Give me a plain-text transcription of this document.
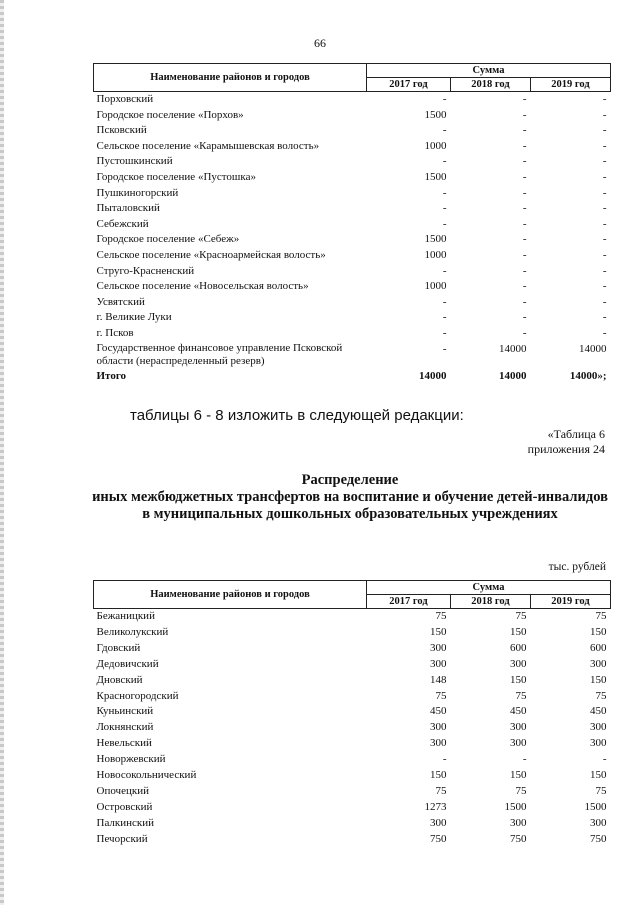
66
Наименование районов и городов	Сумма		
	2017 год	2018 год	2019 год
Порховский	-	-	-
Городское поселение «Порхов»	1500	-	-
Псковский	-	-	-
Сельское поселение «Карамышевская волость»	1000	-	-
Пустошкинский	-	-	-
Городское поселение «Пустошка»	1500	-	-
Пушкиногорский	-	-	-
Пыталовский	-	-	-
Себежский	-	-	-
Городское поселение «Себеж»	1500	-	-
Сельское поселение «Красноармейская волость»	1000	-	-
Струго-Красненский	-	-	-
Сельское поселение «Новосельская волость»	1000	-	-
Усвятский	-	-	-
г. Великие Луки	-	-	-
г. Псков	-	-	-
Государственное финансовое управление Псковской области (нераспределенный резерв)	-	14000	14000
Итого	14000	14000	14000»;
таблицы 6 - 8 изложить в следующей редакции:
«Таблица 6
приложения 24
Распределение
иных межбюджетных трансфертов на воспитание и обучение детей-инвалидов в муниципальных дошкольных образовательных учреждениях
тыс. рублей
Наименование районов и городов	Сумма		
	2017 год	2018 год	2019 год
Бежаницкий	75	75	75
Великолукский	150	150	150
Гдовский	300	600	600
Дедовичский	300	300	300
Дновский	148	150	150
Красногородский	75	75	75
Куньинский	450	450	450
Локнянский	300	300	300
Невельский	300	300	300
Новоржевский	-	-	-
Новосокольнический	150	150	150
Опочецкий	75	75	75
Островский	1273	1500	1500
Палкинский	300	300	300
Печорский	750	750	750
